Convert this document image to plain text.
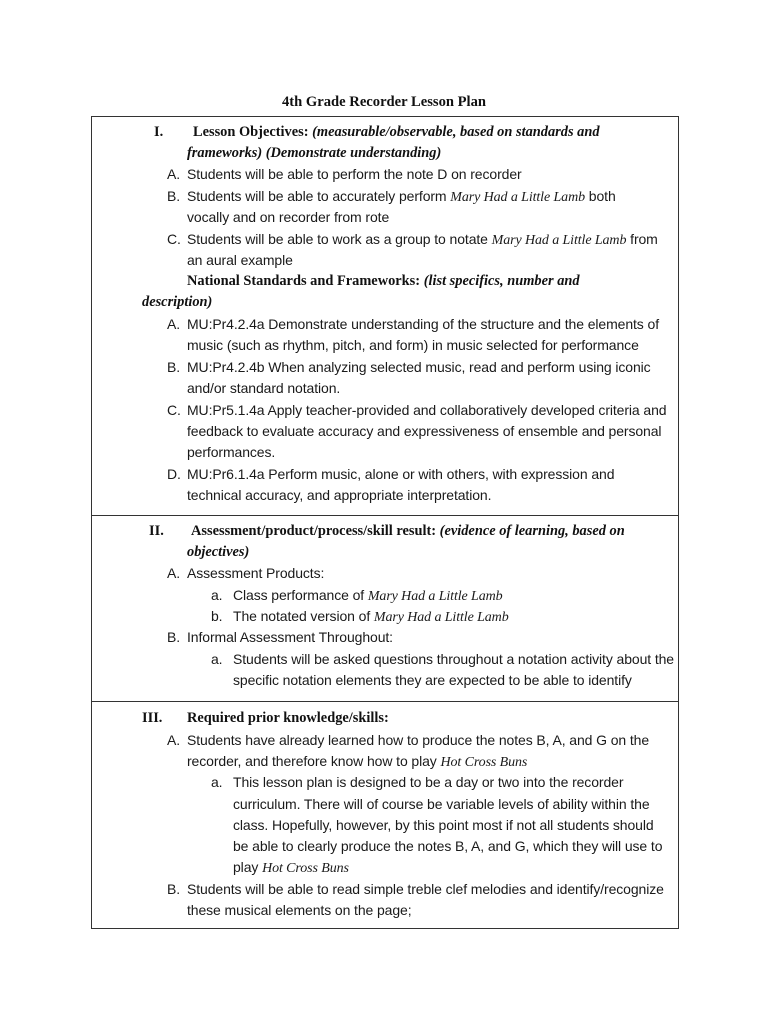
4th Grade Recorder Lesson Plan
I. Lesson Objectives: (measurable/observable, based on standards and
frameworks) (Demonstrate understanding)
A. Students will be able to perform the note D on recorder
B. Students will be able to accurately perform Mary Had a Little Lamb both
vocally and on recorder from rote
C. Students will be able to work as a group to notate Mary Had a Little Lamb from
an aural example
National Standards and Frameworks: (list specifics, number and
description)
A. MU:Pr4.2.4a Demonstrate understanding of the structure and the elements of
music (such as rhythm, pitch, and form) in music selected for performance
B. MU:Pr4.2.4b When analyzing selected music, read and perform using iconic
and/or standard notation.
C. MU:Pr5.1.4a Apply teacher-provided and collaboratively developed criteria and
feedback to evaluate accuracy and expressiveness of ensemble and personal
performances.
D. MU:Pr6.1.4a Perform music, alone or with others, with expression and
technical accuracy, and appropriate interpretation.
II. Assessment/product/process/skill result: (evidence of learning, based on
objectives)
A. Assessment Products:
a. Class performance of Mary Had a Little Lamb
b. The notated version of Mary Had a Little Lamb
B. Informal Assessment Throughout:
a. Students will be asked questions throughout a notation activity about the
specific notation elements they are expected to be able to identify
III. Required prior knowledge/skills:
A. Students have already learned how to produce the notes B, A, and G on the
recorder, and therefore know how to play Hot Cross Buns
a. This lesson plan is designed to be a day or two into the recorder
curriculum. There will of course be variable levels of ability within the
class. Hopefully, however, by this point most if not all students should
be able to clearly produce the notes B, A, and G, which they will use to
play Hot Cross Buns
B. Students will be able to read simple treble clef melodies and identify/recognize
these musical elements on the page;
